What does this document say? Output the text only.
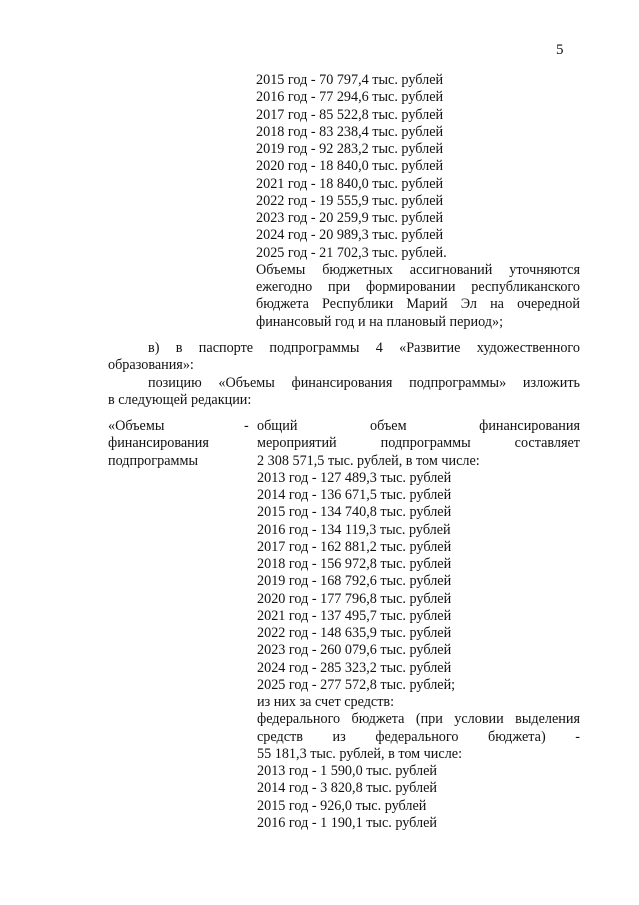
5
2015 год - 70 797,4 тыс. рублей
2016 год - 77 294,6 тыс. рублей
2017 год - 85 522,8 тыс. рублей
2018 год - 83 238,4 тыс. рублей
2019 год - 92 283,2 тыс. рублей
2020 год - 18 840,0 тыс. рублей
2021 год - 18 840,0 тыс. рублей
2022 год - 19 555,9 тыс. рублей
2023 год - 20 259,9 тыс. рублей
2024 год - 20 989,3 тыс. рублей
2025 год - 21 702,3 тыс. рублей.
Объемы бюджетных ассигнований уточняются
ежегодно при формировании республиканского
бюджета Республики Марий Эл на очередной
финансовый год и на плановый период»;
в) в паспорте подпрограммы 4 «Развитие художественного
образования»:
позицию «Объемы финансирования подпрограммы» изложить
в следующей редакции:
«Объемы
финансирования
подпрограммы
- общий объем финансирования
мероприятий подпрограммы составляет
2 308 571,5 тыс. рублей, в том числе:
2013 год - 127 489,3 тыс. рублей
2014 год - 136 671,5 тыс. рублей
2015 год - 134 740,8 тыс. рублей
2016 год - 134 119,3 тыс. рублей
2017 год - 162 881,2 тыс. рублей
2018 год - 156 972,8 тыс. рублей
2019 год - 168 792,6 тыс. рублей
2020 год - 177 796,8 тыс. рублей
2021 год - 137 495,7 тыс. рублей
2022 год - 148 635,9 тыс. рублей
2023 год - 260 079,6 тыс. рублей
2024 год - 285 323,2 тыс. рублей
2025 год - 277 572,8 тыс. рублей;
из них за счет средств:
федерального бюджета (при условии выделения
средств из федерального бюджета) -
55 181,3 тыс. рублей, в том числе:
2013 год - 1 590,0 тыс. рублей
2014 год - 3 820,8 тыс. рублей
2015 год - 926,0 тыс. рублей
2016 год - 1 190,1 тыс. рублей
